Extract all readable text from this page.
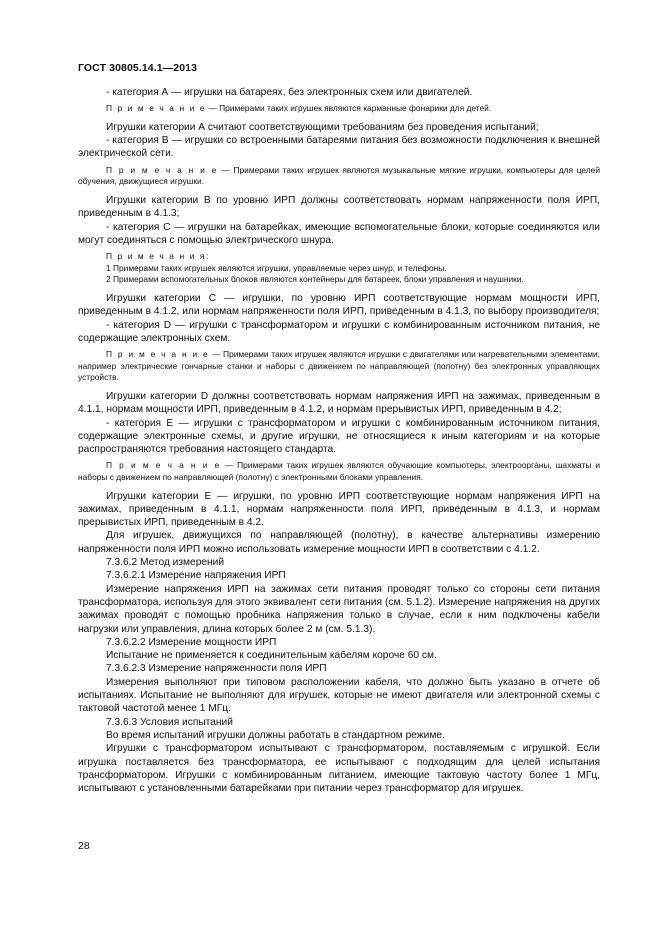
ГОСТ 30805.14.1—2013

- категория А — игрушки на батареях, без электронных схем или двигателей.

П р и м е ч а н и е — Примерами таких игрушек являются карманные фонарики для детей.

Игрушки категории А считают соответствующими требованиям без проведения испытаний;

- категория В — игрушки со встроенными батареями питания без возможности подключения к внешней электрической сети.

П р и м е ч а н и е — Примерами таких игрушек являются музыкальные мягкие игрушки, компьютеры для целей обучения, движущиеся игрушки.

Игрушки категории В по уровню ИРП должны соответствовать нормам напряженности поля ИРП, приведенным в 4.1.3;

- категория С — игрушки на батарейках, имеющие вспомогательные блоки, которые соединяются или могут соединяться с помощью электрического шнура.

П р и м е ч а н и я:

1 Примерами таких игрушек являются игрушки, управляемые через шнур, и телефоны.

2 Примерами вспомогательных блоков являются контейнеры для батареек, блоки управления и наушники.

Игрушки категории С — игрушки, по уровню ИРП соответствующие нормам мощности ИРП, приведенным в 4.1.2, или нормам напряженности поля ИРП, приведенным в 4.1.3, по выбору производителя;

- категория D — игрушки с трансформатором и игрушки с комбинированным источником питания, не содержащие электронных схем.

П р и м е ч а н и е — Примерами таких игрушек являются игрушки с двигателями или нагревательными элементами, например электрические гончарные станки и наборы с движением по направляющей (полотну) без электронных управляющих устройств.

Игрушки категории D должны соответствовать нормам напряжения ИРП на зажимах, приведенным в 4.1.1, нормам мощности ИРП, приведенным в 4.1.2, и нормам прерывистых ИРП, приведенным в 4.2;

- категория Е — игрушки с трансформатором и игрушки с комбинированным источником питания, содержащие электронные схемы, и другие игрушки, не относящиеся к иным категориям и на которые распространяются требования настоящего стандарта.

П р и м е ч а н и е — Примерами таких игрушек являются обучающие компьютеры, электрооргáны, шахматы и наборы с движением по направляющей (полотну) с электронными блоками управления.

Игрушки категории Е — игрушки, по уровню ИРП соответствующие нормам напряжения ИРП на зажимах, приведенным в 4.1.1, нормам напряженности поля ИРП, приведенным в 4.1.3, и нормам прерывистых ИРП, приведенным в 4.2.

Для игрушек, движущихся по направляющей (полотну), в качестве альтернативы измерению напряженности поля ИРП можно использовать измерение мощности ИРП в соответствии с 4.1.2.

7.3.6.2 Метод измерений

7.3.6.2.1 Измерение напряжения ИРП

Измерение напряжения ИРП на зажимах сети питания проводят только со стороны сети питания трансформатора, используя для этого эквивалент сети питания (см. 5.1.2). Измерение напряжения на других зажимах проводят с помощью пробника напряжения только в случае, если к ним подключены кабели нагрузки или управления, длина которых более 2 м (см. 5.1.3).

7.3.6.2.2 Измерение мощности ИРП

Испытание не применяется к соединительным кабелям короче 60 см.

7.3.6.2.3 Измерение напряженности поля ИРП

Измерения выполняют при типовом расположении кабеля, что должно быть указано в отчете об испытаниях. Испытание не выполняют для игрушек, которые не имеют двигателя или электронной схемы с тактовой частотой менее 1 МГц.

7.3.6.3 Условия испытаний

Во время испытаний игрушки должны работать в стандартном режиме.

Игрушки с трансформатором испытывают с трансформатором, поставляемым с игрушкой. Если игрушка поставляется без трансформатора, ее испытывают с подходящим для целей испытания трансформатором. Игрушки с комбинированным питанием, имеющие тактовую частоту более 1 МГц, испытывают с установленными батарейками при питании через трансформатор для игрушек.

28
